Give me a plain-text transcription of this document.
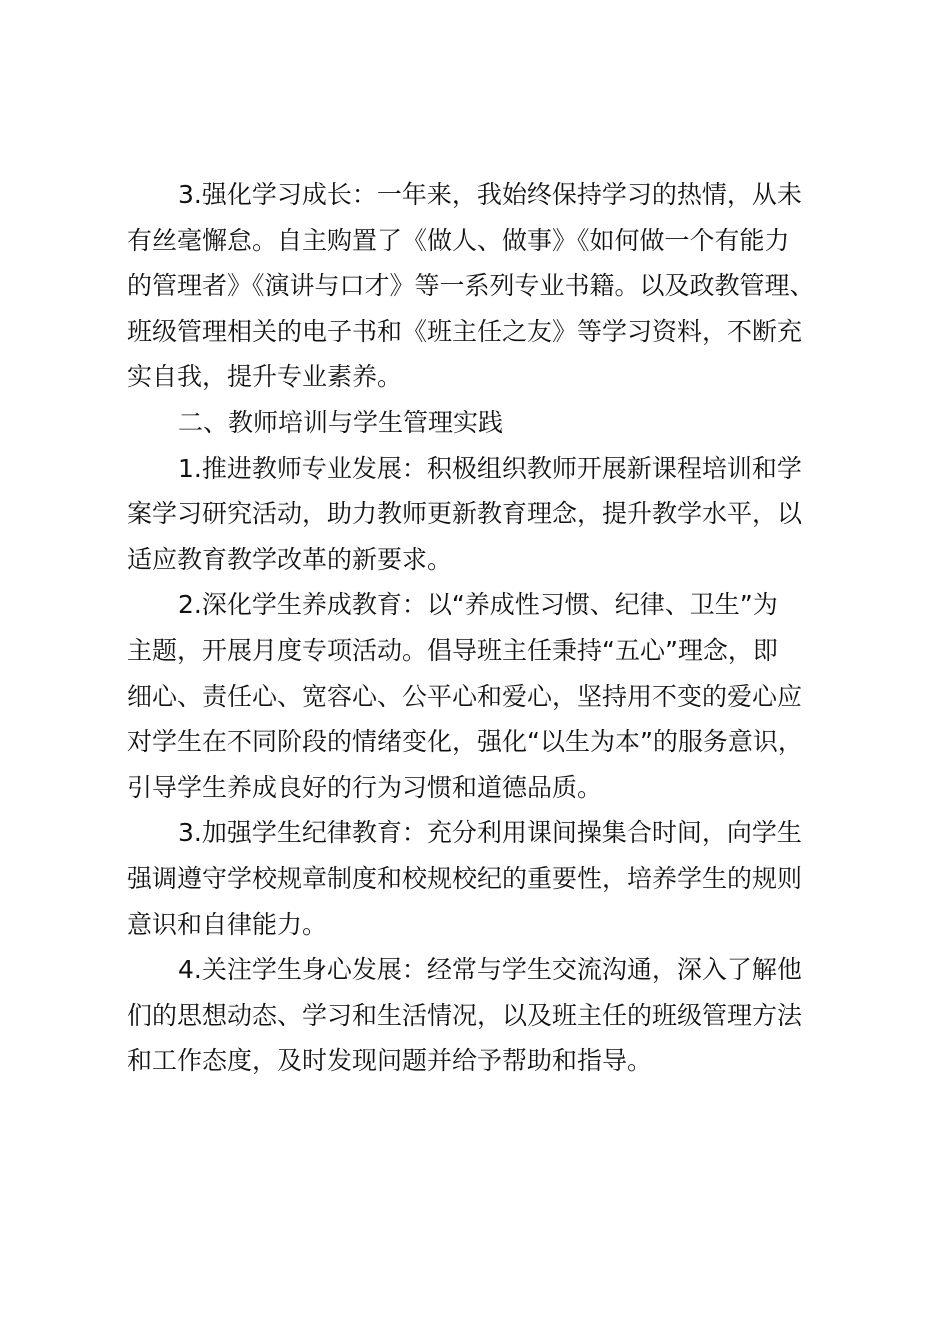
3.强化学习成长：一年来，我始终保持学习的热情，从未
有丝毫懈怠。自主购置了《做人、做事》《如何做一个有能力
的管理者》《演讲与口才》等一系列专业书籍。以及政教管理、
班级管理相关的电子书和《班主任之友》等学习资料，不断充
实自我，提升专业素养。

二、教师培训与学生管理实践

1.推进教师专业发展：积极组织教师开展新课程培训和学
案学习研究活动，助力教师更新教育理念，提升教学水平，以
适应教育教学改革的新要求。

2.深化学生养成教育：以“养成性习惯、纪律、卫生”为
主题，开展月度专项活动。倡导班主任秉持“五心”理念，即
细心、责任心、宽容心、公平心和爱心，坚持用不变的爱心应
对学生在不同阶段的情绪变化，强化“以生为本”的服务意识，
引导学生养成良好的行为习惯和道德品质。

3.加强学生纪律教育：充分利用课间操集合时间，向学生
强调遵守学校规章制度和校规校纪的重要性，培养学生的规则
意识和自律能力。

4.关注学生身心发展：经常与学生交流沟通，深入了解他
们的思想动态、学习和生活情况，以及班主任的班级管理方法
和工作态度，及时发现问题并给予帮助和指导。
